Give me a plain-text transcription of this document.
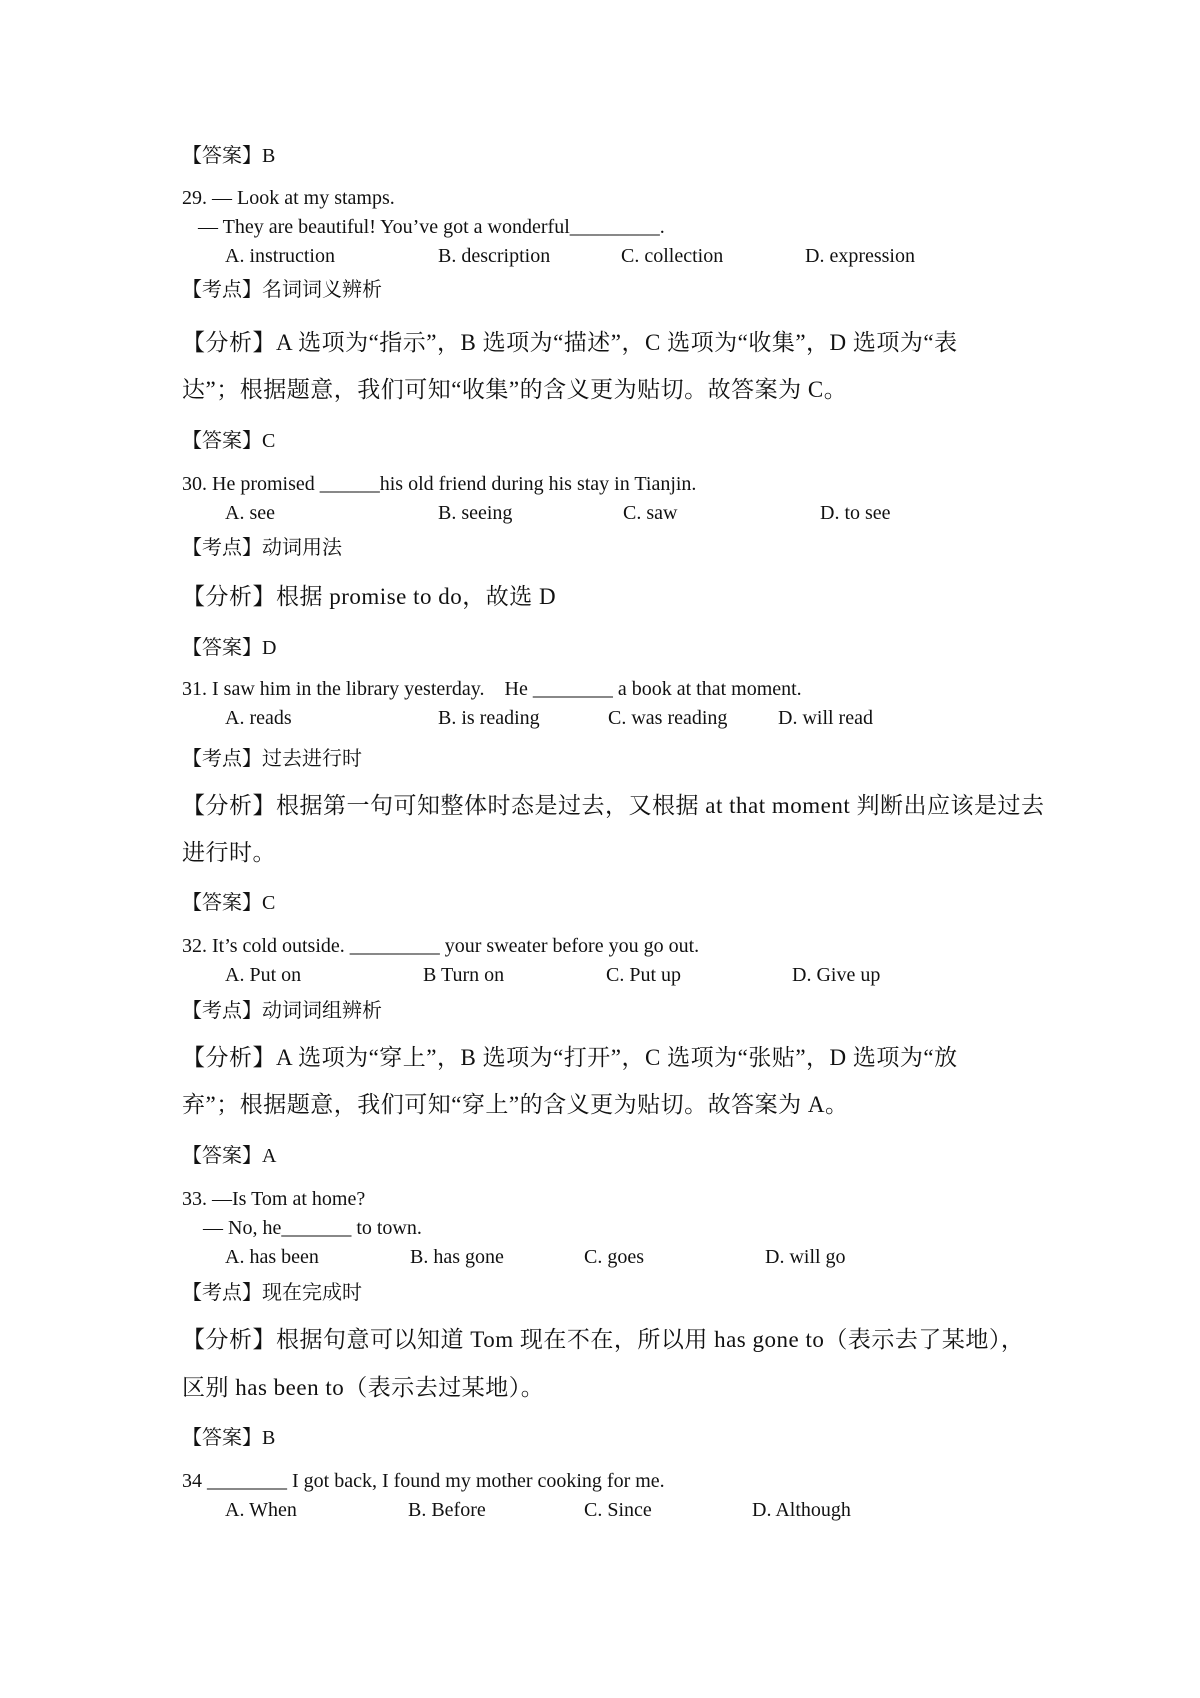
【答案】B
29. — Look at my stamps.
— They are beautiful! You’ve got a wonderful_________.
A. instruction	B. description	C. collection	D. expression
【考点】名词词义辨析
【分析】A 选项为“指示”，B 选项为“描述”，C 选项为“收集”，D 选项为“表
达”；根据题意，我们可知“收集”的含义更为贴切。故答案为 C。
【答案】C
30. He promised ______his old friend during his stay in Tianjin.
A. see	B. seeing	C. saw	D. to see
【考点】动词用法
【分析】根据 promise to do，故选 D
【答案】D
31. I saw him in the library yesterday.    He ________ a book at that moment.
A. reads	B. is reading	C. was reading	D. will read
【考点】过去进行时
【分析】根据第一句可知整体时态是过去，又根据 at that moment 判断出应该是过去
进行时。
【答案】C
32. It’s cold outside. _________ your sweater before you go out.
A. Put on	B Turn on	C. Put up	D. Give up
【考点】动词词组辨析
【分析】A 选项为“穿上”，B 选项为“打开”，C 选项为“张贴”，D 选项为“放
弃”；根据题意，我们可知“穿上”的含义更为贴切。故答案为 A。
【答案】A
33. —Is Tom at home?
— No, he_______ to town.
A. has been	B. has gone	C. goes	D. will go
【考点】现在完成时
【分析】根据句意可以知道 Tom 现在不在，所以用 has gone to（表示去了某地），
区别 has been to（表示去过某地）。
【答案】B
34 ________ I got back, I found my mother cooking for me.
A. When	B. Before	C. Since	D. Although
